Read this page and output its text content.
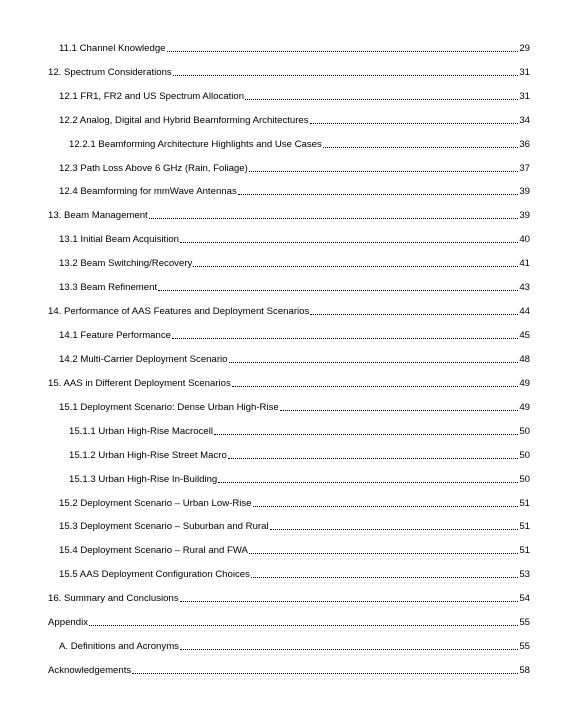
11.1 Channel Knowledge	29
12. Spectrum Considerations	31
12.1 FR1, FR2 and US Spectrum Allocation	31
12.2 Analog, Digital and Hybrid Beamforming Architectures	34
12.2.1 Beamforming Architecture Highlights and Use Cases	36
12.3 Path Loss Above 6 GHz (Rain, Foliage)	37
12.4 Beamforming for mmWave Antennas	39
13. Beam Management	39
13.1 Initial Beam Acquisition	40
13.2 Beam Switching/Recovery	41
13.3 Beam Refinement	43
14. Performance of AAS Features and Deployment Scenarios	44
14.1 Feature Performance	45
14.2 Multi-Carrier Deployment Scenario	48
15. AAS in Different Deployment Scenarios	49
15.1 Deployment Scenario: Dense Urban High-Rise	49
15.1.1 Urban High-Rise Macrocell	50
15.1.2 Urban High-Rise Street Macro	50
15.1.3 Urban High-Rise In-Building	50
15.2 Deployment Scenario – Urban Low-Rise	51
15.3 Deployment Scenario – Suburban and Rural	51
15.4 Deployment Scenario – Rural and FWA	51
15.5 AAS Deployment Configuration Choices	53
16. Summary and Conclusions	54
Appendix	55
A. Definitions and Acronyms	55
Acknowledgements	58
